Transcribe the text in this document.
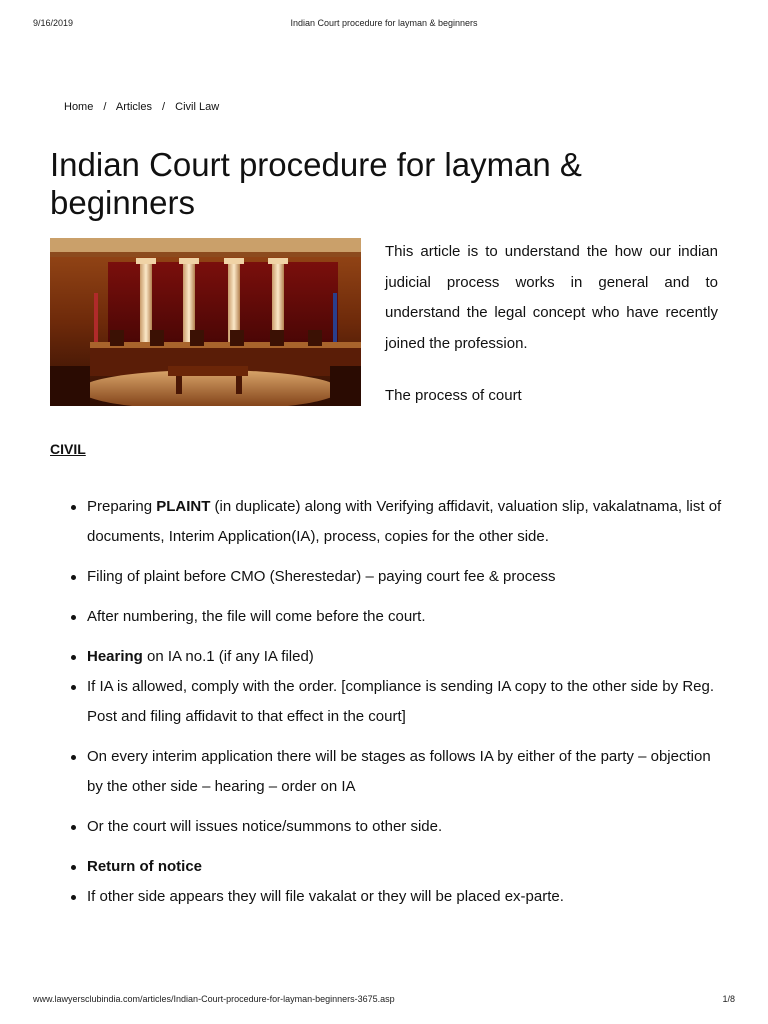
9/16/2019	Indian Court procedure for layman & beginners
Home / Articles / Civil Law
Indian Court procedure for layman & beginners

This article is to understand the how our indian judicial process works in general and to understand the legal concept who have recently joined the profession.

The process of court
CIVIL
Preparing PLAINT (in duplicate) along with Verifying affidavit, valuation slip, vakalatnama, list of documents, Interim Application(IA), process, copies for the other side.
Filing of plaint before CMO (Sherestedar) – paying court fee & process
After numbering, the file will come before the court.
Hearing on IA no.1 (if any IA filed)
If IA is allowed, comply with the order. [compliance is sending IA copy to the other side by Reg. Post and filing affidavit to that effect in the court]
On every interim application there will be stages as follows IA by either of the party – objection by the other side – hearing – order on IA
Or the court will issues notice/summons to other side.
Return of notice
If other side appears they will file vakalat or they will be placed ex-parte.
www.lawyersclubindia.com/articles/Indian-Court-procedure-for-layman-beginners-3675.asp	1/8
